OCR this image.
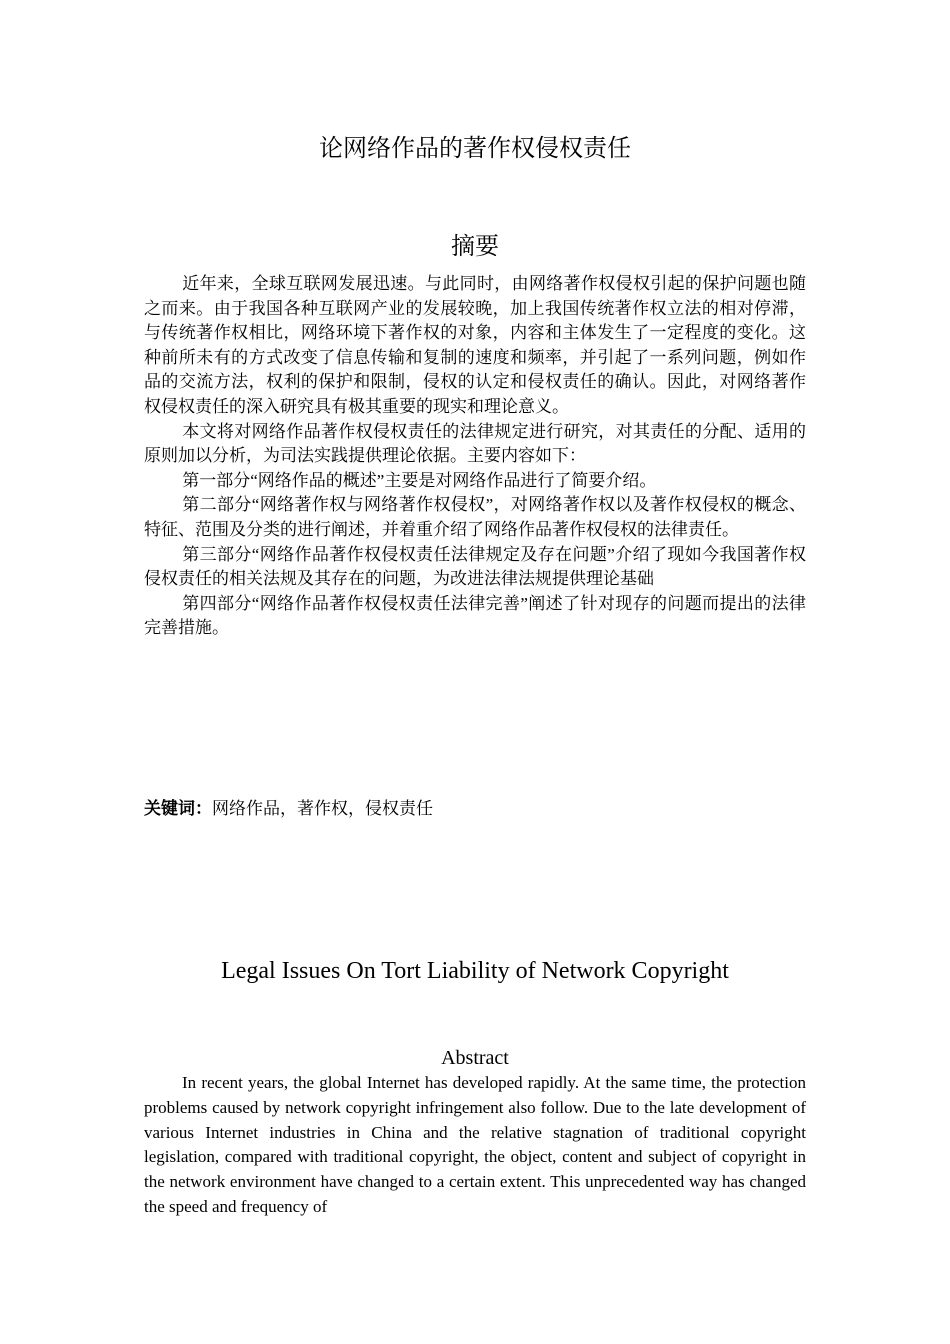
论网络作品的著作权侵权责任
摘要

近年来，全球互联网发展迅速。与此同时，由网络著作权侵权引起的保护问题也随之而来。由于我国各种互联网产业的发展较晚，加上我国传统著作权立法的相对停滞，与传统著作权相比，网络环境下著作权的对象，内容和主体发生了一定程度的变化。这种前所未有的方式改变了信息传输和复制的速度和频率，并引起了一系列问题，例如作品的交流方法，权利的保护和限制，侵权的认定和侵权责任的确认。因此，对网络著作权侵权责任的深入研究具有极其重要的现实和理论意义。

本文将对网络作品著作权侵权责任的法律规定进行研究，对其责任的分配、适用的原则加以分析，为司法实践提供理论依据。主要内容如下：

第一部分“网络作品的概述”主要是对网络作品进行了简要介绍。

第二部分“网络著作权与网络著作权侵权”，对网络著作权以及著作权侵权的概念、特征、范围及分类的进行阐述，并着重介绍了网络作品著作权侵权的法律责任。

第三部分“网络作品著作权侵权责任法律规定及存在问题”介绍了现如今我国著作权侵权责任的相关法规及其存在的问题，为改进法律法规提供理论基础

第四部分“网络作品著作权侵权责任法律完善”阐述了针对现存的问题而提出的法律完善措施。

关键词：网络作品，著作权，侵权责任

Legal Issues On Tort Liability of Network Copyright
Abstract

In recent years, the global Internet has developed rapidly. At the same time, the protection problems caused by network copyright infringement also follow. Due to the late development of various Internet industries in China and the relative stagnation of traditional copyright legislation, compared with traditional copyright, the object, content and subject of copyright in the network environment have changed to a certain extent. This unprecedented way has changed the speed and frequency of
